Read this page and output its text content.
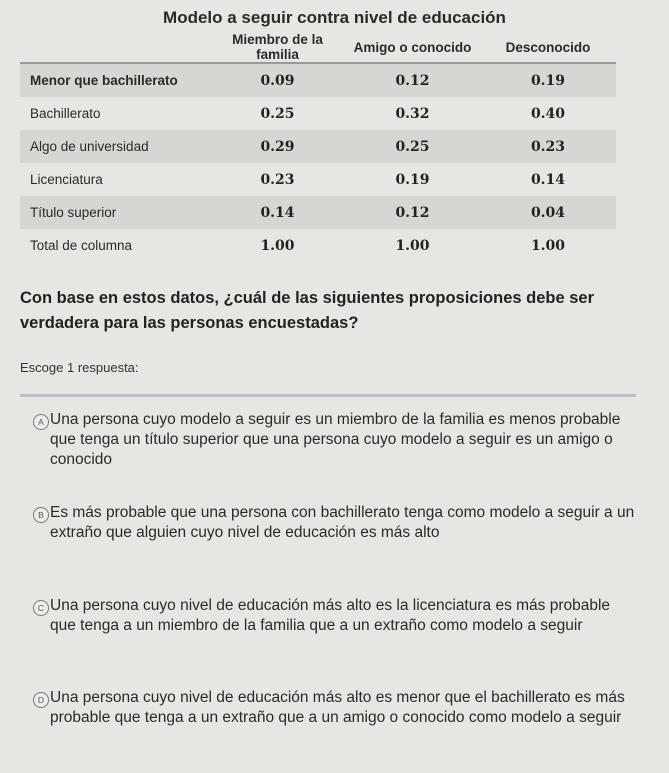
Modelo a seguir contra nivel de educación
	Miembro de la familia	Amigo o conocido	Desconocido
Menor que bachillerato	0.09	0.12	0.19
Bachillerato	0.25	0.32	0.40
Algo de universidad	0.29	0.25	0.23
Licenciatura	0.23	0.19	0.14
Título superior	0.14	0.12	0.04
Total de columna	1.00	1.00	1.00
Con base en estos datos, ¿cuál de las siguientes proposiciones debe ser verdadera para las personas encuestadas?
Escoge 1 respuesta:
A Una persona cuyo modelo a seguir es un miembro de la familia es menos probable que tenga un título superior que una persona cuyo modelo a seguir es un amigo o conocido
B Es más probable que una persona con bachillerato tenga como modelo a seguir a un extraño que alguien cuyo nivel de educación es más alto
C Una persona cuyo nivel de educación más alto es la licenciatura es más probable que tenga a un miembro de la familia que a un extraño como modelo a seguir
D Una persona cuyo nivel de educación más alto es menor que el bachillerato es más probable que tenga a un extraño que a un amigo o conocido como modelo a seguir
